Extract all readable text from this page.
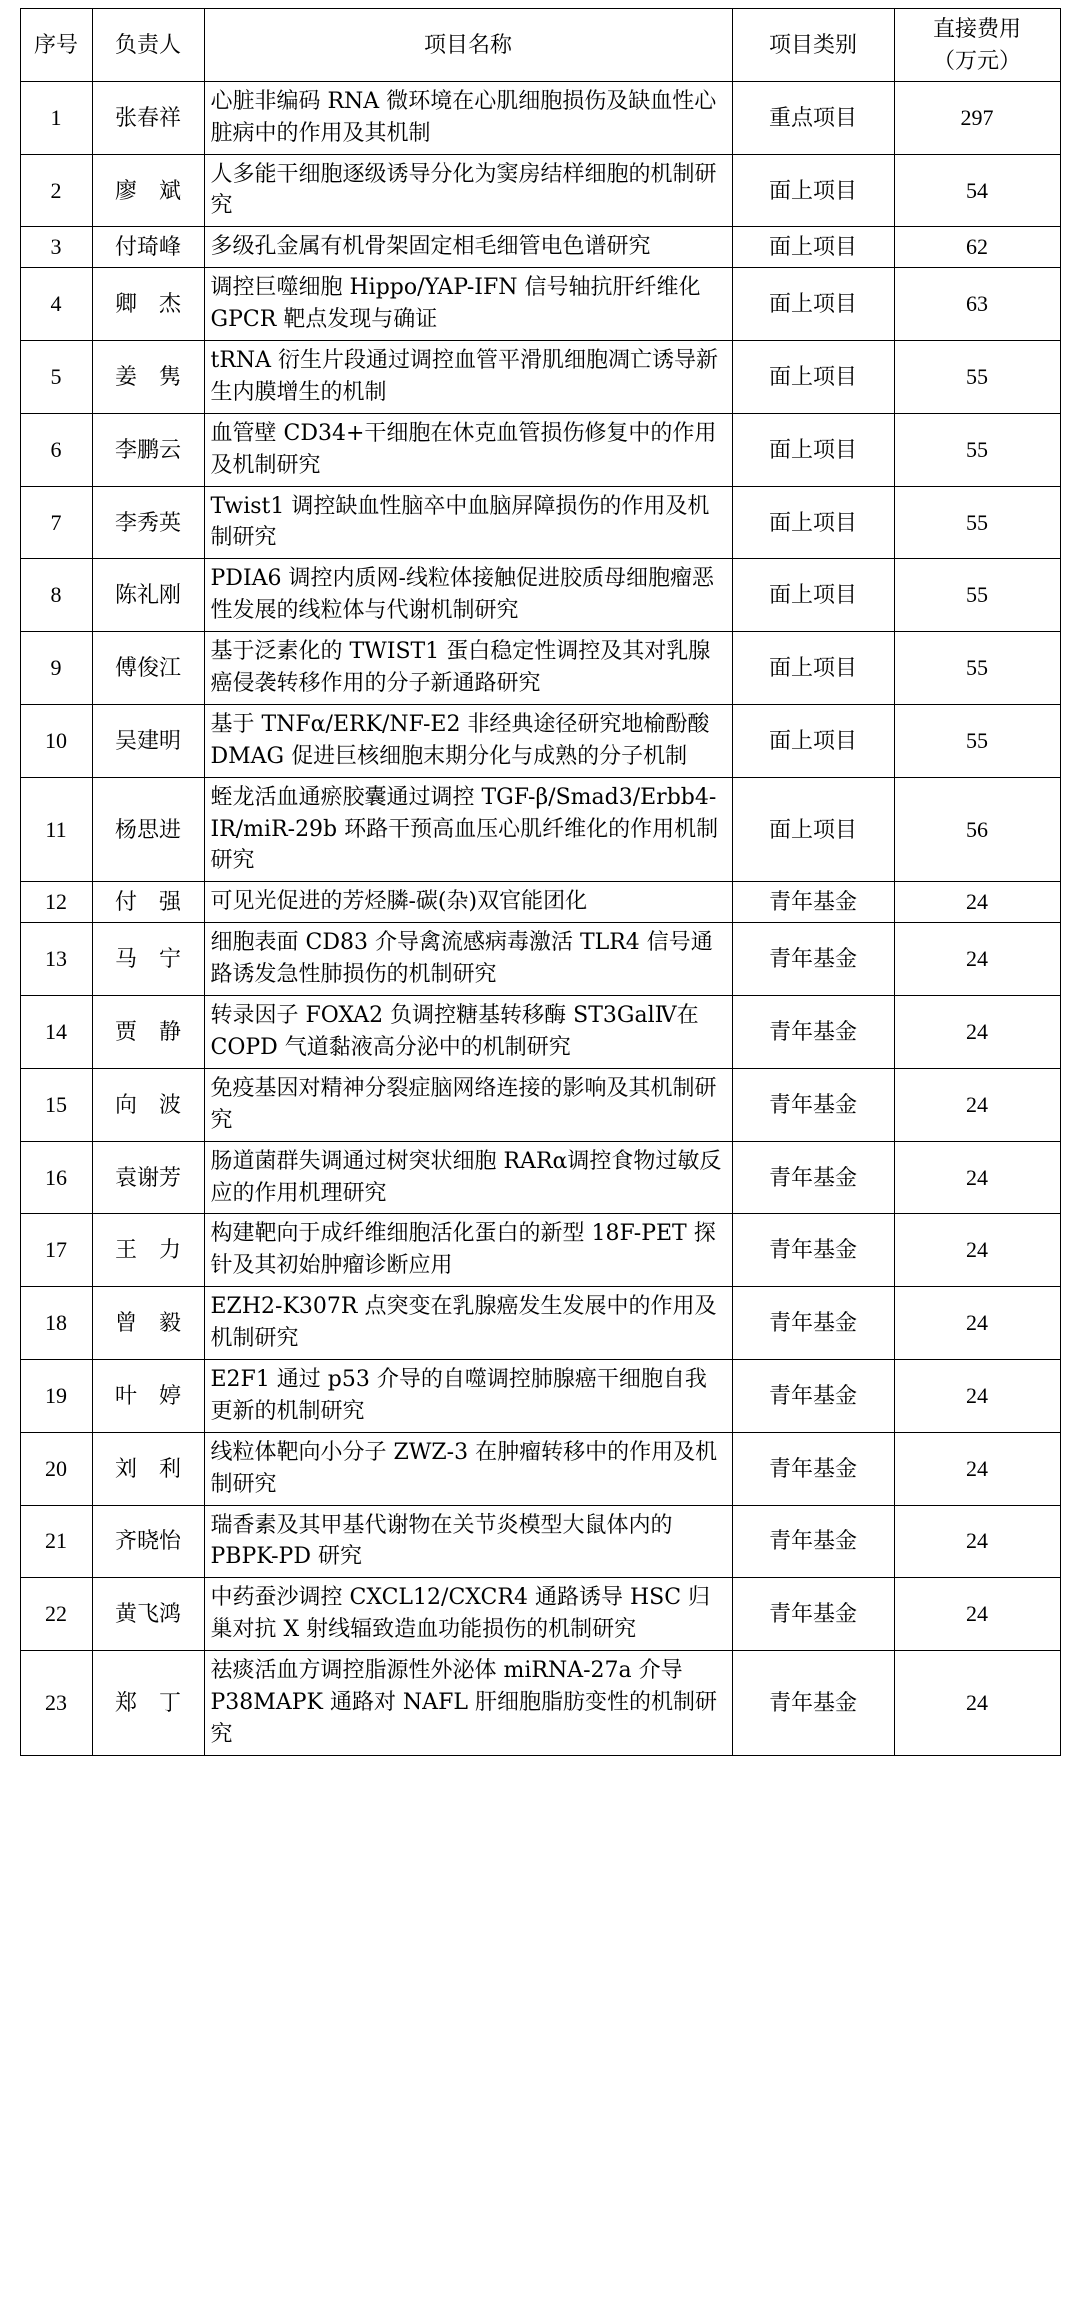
序号	负责人	项目名称	项目类别	直接费用
（万元）

1	张春祥	心脏非编码 RNA 微环境在心肌细胞损伤及缺血性心脏病中的作用及其机制	重点项目	297
2	廖　斌	人多能干细胞逐级诱导分化为窦房结样细胞的机制研究	面上项目	54
3	付琦峰	多级孔金属有机骨架固定相毛细管电色谱研究	面上项目	62
4	卿　杰	调控巨噬细胞 Hippo/YAP-IFN 信号轴抗肝纤维化 GPCR 靶点发现与确证	面上项目	63
5	姜　隽	tRNA 衍生片段通过调控血管平滑肌细胞凋亡诱导新生内膜增生的机制	面上项目	55
6	李鹏云	血管壁 CD34+干细胞在休克血管损伤修复中的作用及机制研究	面上项目	55
7	李秀英	Twist1 调控缺血性脑卒中血脑屏障损伤的作用及机制研究	面上项目	55
8	陈礼刚	PDIA6 调控内质网-线粒体接触促进胶质母细胞瘤恶性发展的线粒体与代谢机制研究	面上项目	55
9	傅俊江	基于泛素化的 TWIST1 蛋白稳定性调控及其对乳腺癌侵袭转移作用的分子新通路研究	面上项目	55
10	吴建明	基于 TNFα/ERK/NF-E2 非经典途径研究地榆酚酸 DMAG 促进巨核细胞末期分化与成熟的分子机制	面上项目	55
11	杨思进	蛭龙活血通瘀胶囊通过调控 TGF-β/Smad3/Erbb4-IR/miR-29b 环路干预高血压心肌纤维化的作用机制研究	面上项目	56
12	付　强	可见光促进的芳烃膦-碳(杂)双官能团化	青年基金	24
13	马　宁	细胞表面 CD83 介导禽流感病毒激活 TLR4 信号通路诱发急性肺损伤的机制研究	青年基金	24
14	贾　静	转录因子 FOXA2 负调控糖基转移酶 ST3GalⅣ在 COPD 气道黏液高分泌中的机制研究	青年基金	24
15	向　波	免疫基因对精神分裂症脑网络连接的影响及其机制研究	青年基金	24
16	袁谢芳	肠道菌群失调通过树突状细胞 RARα调控食物过敏反应的作用机理研究	青年基金	24
17	王　力	构建靶向于成纤维细胞活化蛋白的新型 18F-PET 探针及其初始肿瘤诊断应用	青年基金	24
18	曾　毅	EZH2-K307R 点突变在乳腺癌发生发展中的作用及机制研究	青年基金	24
19	叶　婷	E2F1 通过 p53 介导的自噬调控肺腺癌干细胞自我更新的机制研究	青年基金	24
20	刘　利	线粒体靶向小分子 ZWZ-3 在肿瘤转移中的作用及机制研究	青年基金	24
21	齐晓怡	瑞香素及其甲基代谢物在关节炎模型大鼠体内的 PBPK-PD 研究	青年基金	24
22	黄飞鸿	中药蚕沙调控 CXCL12/CXCR4 通路诱导 HSC 归巢对抗 X 射线辐致造血功能损伤的机制研究	青年基金	24
23	郑　丁	祛痰活血方调控脂源性外泌体 miRNA-27a 介导 P38MAPK 通路对 NAFL 肝细胞脂肪变性的机制研究	青年基金	24
